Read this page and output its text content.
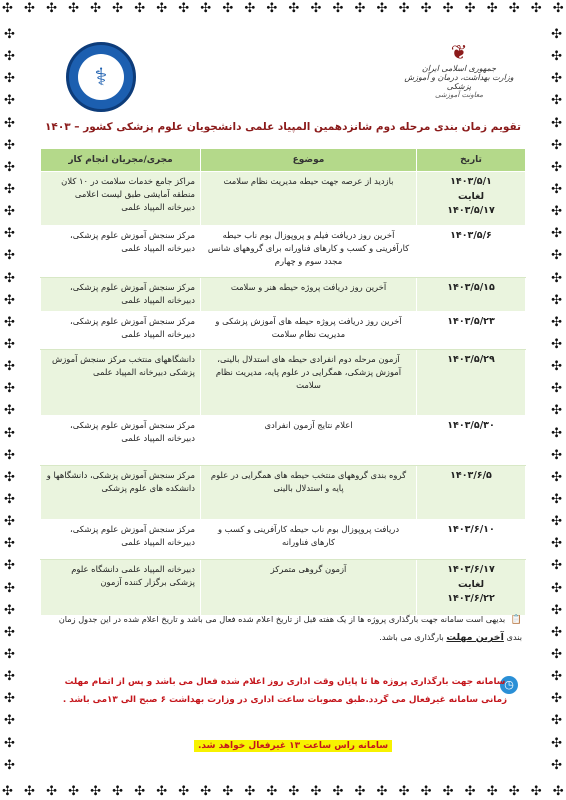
✣ ✣ ✣ ✣ ✣ ✣ ✣ ✣ ✣ ✣ ✣ ✣ ✣ ✣ ✣ ✣ ✣ ✣ ✣ ✣ ✣ ✣ ✣ ✣ ✣ ✣
✣ ✣ ✣ ✣ ✣ ✣ ✣ ✣ ✣ ✣ ✣ ✣ ✣ ✣ ✣ ✣ ✣ ✣ ✣ ✣ ✣ ✣ ✣ ✣ ✣ ✣
✣
✣
✣
✣
✣
✣
✣
✣
✣
✣
✣
✣
✣
✣
✣
✣
✣
✣
✣
✣
✣
✣
✣
✣
✣
✣
✣
✣
✣
✣
✣
✣
✣
✣
✣
✣
✣
✣
✣
✣
✣
✣
✣
✣
✣
✣
✣
✣
✣
✣
✣
✣
✣
✣
✣
✣
✣
✣
✣
✣
✣
✣
✣
✣
✣
✣
✣
✣
⚕
❦
جمهوری اسلامی ایران
وزارت بهداشت، درمان و آموزش پزشکی
معاونت آموزشی
تقویم زمان بندی مرحله دوم شانزدهمین المپیاد علمی دانشجویان علوم پزشکی کشور – ۱۴۰۳
تاریخ	موضوع	مجری/مجریان انجام کار

۱۴۰۳/۵/۱
لغایت
۱۴۰۳/۵/۱۷	بازدید از عرصه جهت حیطه مدیریت نظام سلامت	مراکز جامع خدمات سلامت در ۱۰ کلان منطقه آمایشی طبق لیست اعلامی دبیرخانه المپیاد علمی

۱۴۰۳/۵/۶	آخرین روز دریافت فیلم و پروپوزال بوم ناب حیطه کارآفرینی و کسب و کارهای فناورانه برای گروههای شانس مجدد سوم و چهارم	مرکز سنجش آموزش علوم پزشکی، دبیرخانه المپیاد علمی

۱۴۰۳/۵/۱۵	آخرین روز دریافت پروژه حیطه هنر و سلامت	مرکز سنجش آموزش علوم پزشکی، دبیرخانه المپیاد علمی

۱۴۰۳/۵/۲۳	آخرین روز دریافت پروژه حیطه های آموزش پزشکی و مدیریت نظام سلامت	مرکز سنجش آموزش علوم پزشکی، دبیرخانه المپیاد علمی

۱۴۰۳/۵/۲۹	آزمون مرحله دوم انفرادی حیطه های استدلال بالینی، آموزش پزشکی، همگرایی در علوم پایه، مدیریت نظام سلامت	دانشگاههای منتخب مرکز سنجش آموزش پزشکی دبیرخانه المپیاد علمی

۱۴۰۳/۵/۳۰	اعلام نتایج آزمون انفرادی	مرکز سنجش آموزش علوم پزشکی، دبیرخانه المپیاد علمی

۱۴۰۳/۶/۵	گروه بندی گروههای منتخب حیطه های همگرایی در علوم پایه و استدلال بالینی	مرکز سنجش آموزش پزشکی، دانشگاهها و دانشکده های علوم پزشکی

۱۴۰۳/۶/۱۰	دریافت پروپوزال بوم ناب حیطه کارآفرینی و کسب و کارهای فناورانه	مرکز سنجش آموزش علوم پزشکی، دبیرخانه المپیاد علمی

۱۴۰۳/۶/۱۷
لغایت
۱۴۰۳/۶/۲۲	آزمون گروهی متمرکز	دبیرخانه المپیاد علمی دانشگاه علوم پزشکی برگزار کننده آزمون
📋 بدیهی است سامانه جهت بارگذاری پروژه ها از یک هفته قبل از تاریخ اعلام شده فعال می باشد و تاریخ اعلام شده در این جدول زمان بندی آخرین مهلت بارگذاری می باشد.
◷
سامانه جهت بارگذاری پروژه ها تا پایان وقت اداری روز اعلام شده فعال می باشد و پس از اتمام مهلت
زمانی سامانه غیرفعال می گردد.طبق مصوبات ساعت اداری در وزارت بهداشت ۶ صبح الی ۱۳می باشد .
سامانه راس ساعت ۱۳ غیرفعال خواهد شد.
